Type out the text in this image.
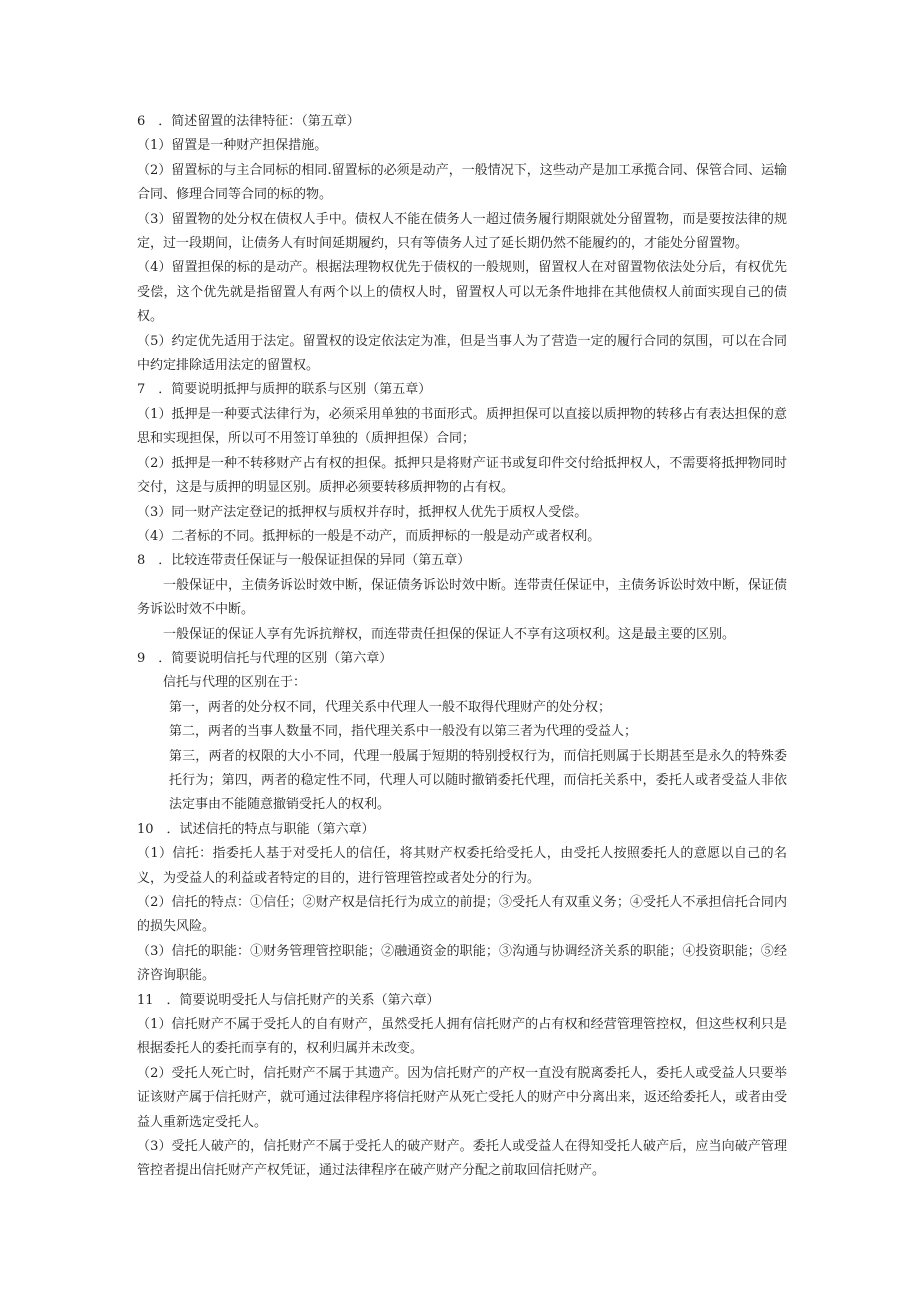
6　．简述留置的法律特征：（第五章）

（1）留置是一种财产担保措施。

（2）留置标的与主合同标的相同.留置标的必须是动产，一般情况下，这些动产是加工承揽合同、保管合同、运输合同、修理合同等合同的标的物。

（3）留置物的处分权在债权人手中。债权人不能在债务人一超过债务履行期限就处分留置物，而是要按法律的规定，过一段期间，让债务人有时间延期履约，只有等债务人过了延长期仍然不能履约的，才能处分留置物。

（4）留置担保的标的是动产。根据法理物权优先于债权的一般规则，留置权人在对留置物依法处分后，有权优先受偿，这个优先就是指留置人有两个以上的债权人时，留置权人可以无条件地排在其他债权人前面实现自己的债权。

（5）约定优先适用于法定。留置权的设定依法定为准，但是当事人为了营造一定的履行合同的氛围，可以在合同中约定排除适用法定的留置权。

7　．简要说明抵押与质押的联系与区别（第五章）

（1）抵押是一种要式法律行为，必须采用单独的书面形式。质押担保可以直接以质押物的转移占有表达担保的意思和实现担保，所以可不用签订单独的（质押担保）合同；

（2）抵押是一种不转移财产占有权的担保。抵押只是将财产证书或复印件交付给抵押权人，不需要将抵押物同时交付，这是与质押的明显区别。质押必须要转移质押物的占有权。

（3）同一财产法定登记的抵押权与质权并存时，抵押权人优先于质权人受偿。

（4）二者标的不同。抵押标的一般是不动产，而质押标的一般是动产或者权利。

8　．比较连带责任保证与一般保证担保的异同（第五章）

一般保证中，主债务诉讼时效中断，保证债务诉讼时效中断。连带责任保证中，主债务诉讼时效中断，保证债务诉讼时效不中断。

一般保证的保证人享有先诉抗辩权，而连带责任担保的保证人不享有这项权利。这是最主要的区别。

9　．简要说明信托与代理的区别（第六章）

信托与代理的区别在于：

第一，两者的处分权不同，代理关系中代理人一般不取得代理财产的处分权；

第二，两者的当事人数量不同，指代理关系中一般没有以第三者为代理的受益人；

第三，两者的权限的大小不同，代理一般属于短期的特别授权行为，而信托则属于长期甚至是永久的特殊委托行为；第四，两者的稳定性不同，代理人可以随时撤销委托代理，而信托关系中，委托人或者受益人非依法定事由不能随意撤销受托人的权利。

10　．试述信托的特点与职能（第六章）

（1）信托：指委托人基于对受托人的信任，将其财产权委托给受托人，由受托人按照委托人的意愿以自己的名义，为受益人的利益或者特定的目的，进行管理管控或者处分的行为。

（2）信托的特点：①信任；②财产权是信托行为成立的前提；③受托人有双重义务；④受托人不承担信托合同内的损失风险。

（3）信托的职能：①财务管理管控职能；②融通资金的职能；③沟通与协调经济关系的职能；④投资职能；⑤经济咨询职能。

11　．简要说明受托人与信托财产的关系（第六章）

（1）信托财产不属于受托人的自有财产，虽然受托人拥有信托财产的占有权和经营管理管控权，但这些权利只是根据委托人的委托而享有的，权利归属并未改变。

（2）受托人死亡时，信托财产不属于其遗产。因为信托财产的产权一直没有脱离委托人，委托人或受益人只要举证该财产属于信托财产，就可通过法律程序将信托财产从死亡受托人的财产中分离出来，返还给委托人，或者由受益人重新选定受托人。

（3）受托人破产的，信托财产不属于受托人的破产财产。委托人或受益人在得知受托人破产后，应当向破产管理管控者提出信托财产产权凭证，通过法律程序在破产财产分配之前取回信托财产。
